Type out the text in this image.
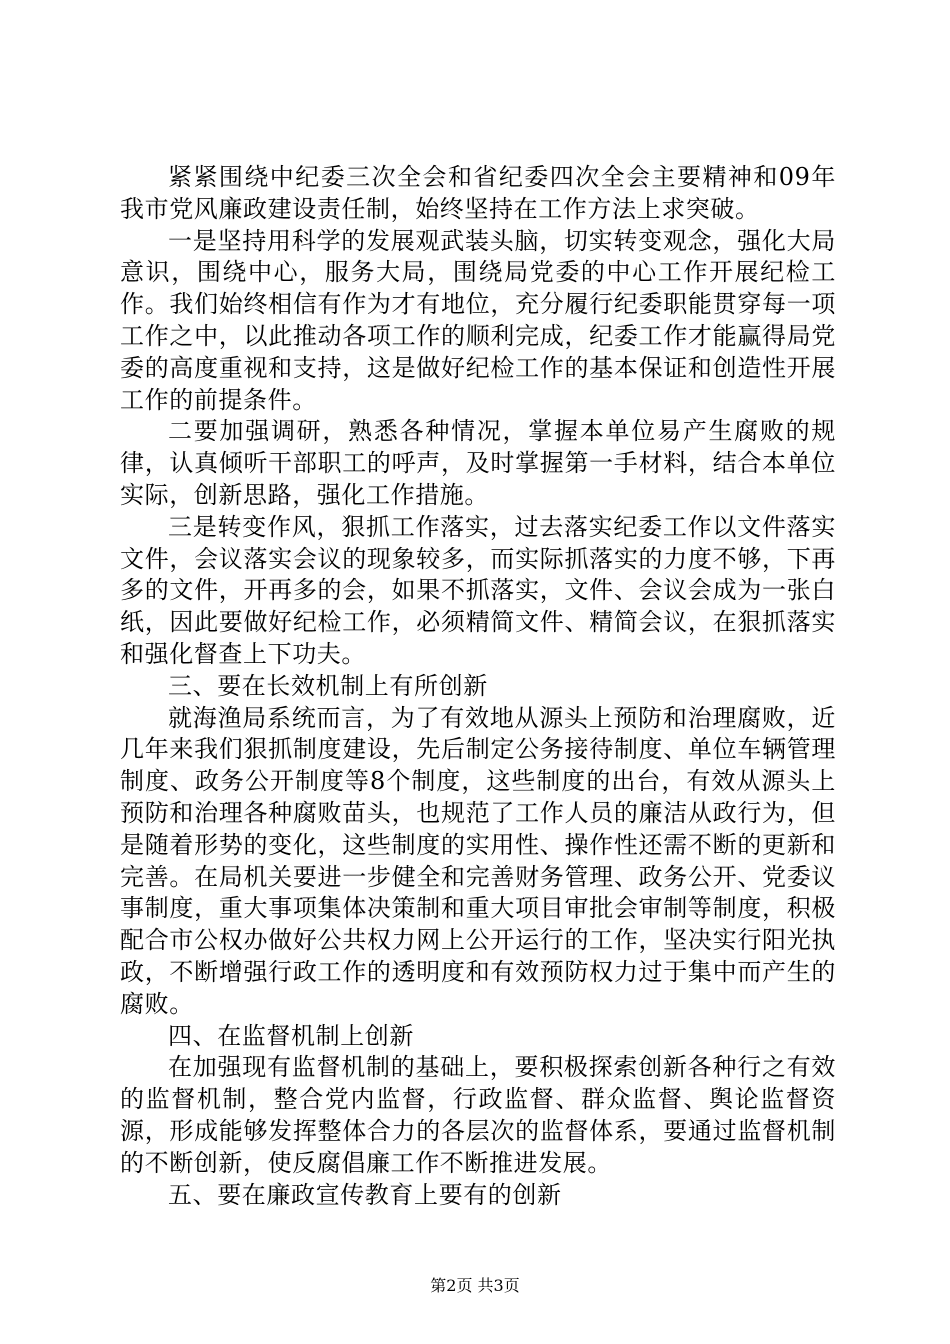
紧紧围绕中纪委三次全会和省纪委四次全会主要精神和09年我市党风廉政建设责任制，始终坚持在工作方法上求突破。

一是坚持用科学的发展观武装头脑，切实转变观念，强化大局意识，围绕中心，服务大局，围绕局党委的中心工作开展纪检工作。我们始终相信有作为才有地位，充分履行纪委职能贯穿每一项工作之中，以此推动各项工作的顺利完成，纪委工作才能赢得局党委的高度重视和支持，这是做好纪检工作的基本保证和创造性开展工作的前提条件。

二要加强调研，熟悉各种情况，掌握本单位易产生腐败的规律，认真倾听干部职工的呼声，及时掌握第一手材料，结合本单位实际，创新思路，强化工作措施。

三是转变作风，狠抓工作落实，过去落实纪委工作以文件落实文件，会议落实会议的现象较多，而实际抓落实的力度不够，下再多的文件，开再多的会，如果不抓落实，文件、会议会成为一张白纸，因此要做好纪检工作，必须精简文件、精简会议，在狠抓落实和强化督查上下功夫。

三、要在长效机制上有所创新

就海渔局系统而言，为了有效地从源头上预防和治理腐败，近几年来我们狠抓制度建设，先后制定公务接待制度、单位车辆管理制度、政务公开制度等8个制度，这些制度的出台，有效从源头上预防和治理各种腐败苗头，也规范了工作人员的廉洁从政行为，但是随着形势的变化，这些制度的实用性、操作性还需不断的更新和完善。在局机关要进一步健全和完善财务管理、政务公开、党委议事制度，重大事项集体决策制和重大项目审批会审制等制度，积极配合市公权办做好公共权力网上公开运行的工作，坚决实行阳光执政，不断增强行政工作的透明度和有效预防权力过于集中而产生的腐败。

四、在监督机制上创新

在加强现有监督机制的基础上，要积极探索创新各种行之有效的监督机制，整合党内监督，行政监督、群众监督、舆论监督资源，形成能够发挥整体合力的各层次的监督体系，要通过监督机制的不断创新，使反腐倡廉工作不断推进发展。

五、要在廉政宣传教育上要有的创新

第2页 共3页
